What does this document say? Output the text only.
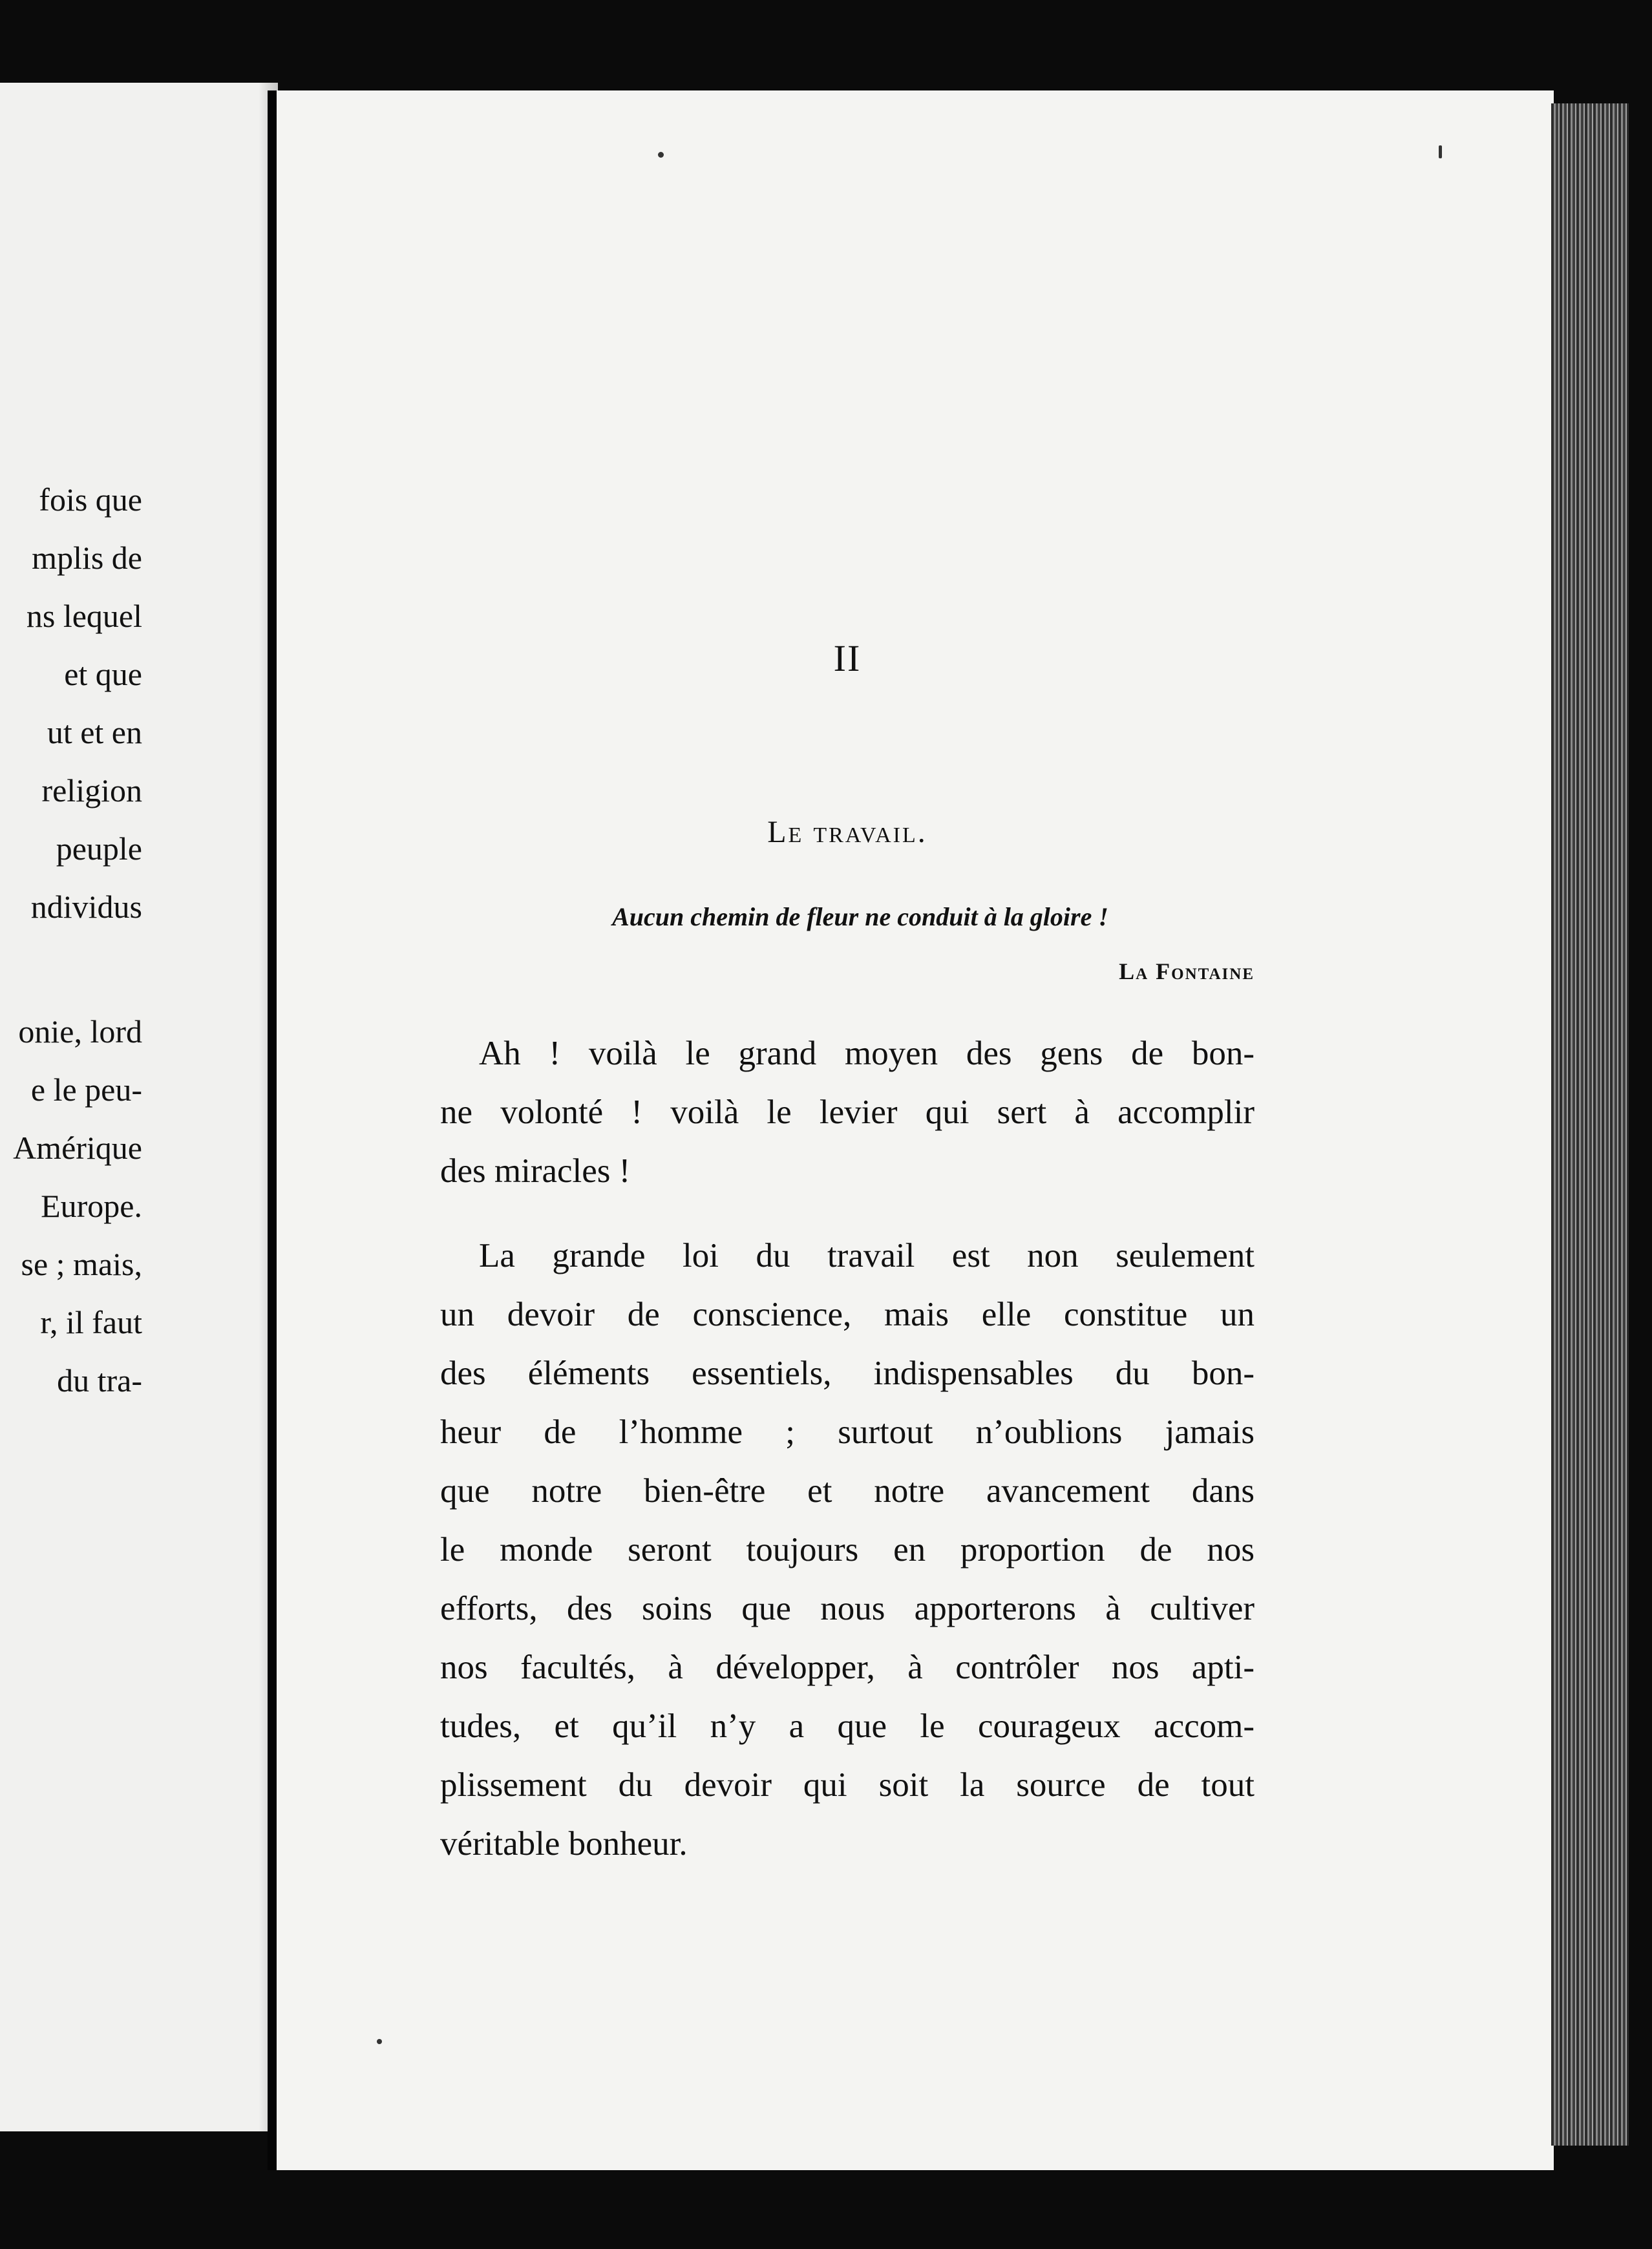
fois que
mplis de
ns lequel
et que
ut et en
religion
peuple
ndividus
onie, lord
e le peu-
Amérique
Europe.
se ; mais,
r, il faut
du tra-
II
Le travail.

Aucun chemin de fleur ne conduit à la gloire !

La Fontaine

Ah ! voilà le grand moyen des gens de bon-
ne volonté ! voilà le levier qui sert à accomplir
des miracles !

La grande loi du travail est non seulement
un devoir de conscience, mais elle constitue un
des éléments essentiels, indispensables du bon-
heur de l’homme ; surtout n’oublions jamais
que notre bien-être et notre avancement dans
le monde seront toujours en proportion de nos
efforts, des soins que nous apporterons à cultiver
nos facultés, à développer, à contrôler nos apti-
tudes, et qu’il n’y a que le courageux accom-
plissement du devoir qui soit la source de tout
véritable bonheur.
